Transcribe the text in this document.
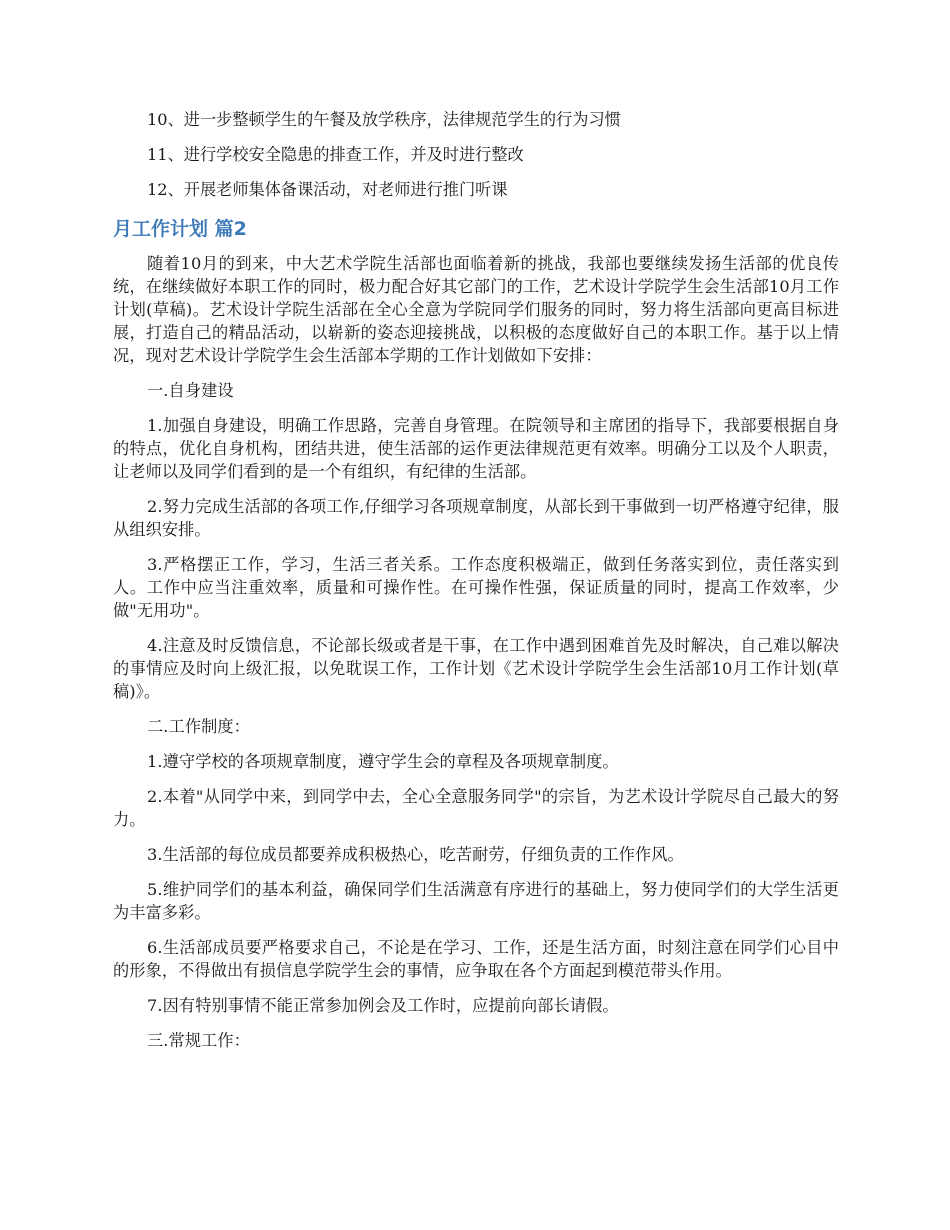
10、进一步整顿学生的午餐及放学秩序，法律规范学生的行为习惯
11、进行学校安全隐患的排查工作，并及时进行整改
12、开展老师集体备课活动，对老师进行推门听课
月工作计划 篇2
随着10月的到来，中大艺术学院生活部也面临着新的挑战，我部也要继续发扬生活部的优良传统，在继续做好本职工作的同时，极力配合好其它部门的工作，艺术设计学院学生会生活部10月工作计划(草稿)。艺术设计学院生活部在全心全意为学院同学们服务的同时，努力将生活部向更高目标进展，打造自己的精品活动，以崭新的姿态迎接挑战，以积极的态度做好自己的本职工作。基于以上情况，现对艺术设计学院学生会生活部本学期的工作计划做如下安排：
一.自身建设
1.加强自身建设，明确工作思路，完善自身管理。在院领导和主席团的指导下，我部要根据自身的特点，优化自身机构，团结共进，使生活部的运作更法律规范更有效率。明确分工以及个人职责，让老师以及同学们看到的是一个有组织，有纪律的生活部。
2.努力完成生活部的各项工作,仔细学习各项规章制度，从部长到干事做到一切严格遵守纪律，服从组织安排。
3.严格摆正工作，学习，生活三者关系。工作态度积极端正，做到任务落实到位，责任落实到人。工作中应当注重效率，质量和可操作性。在可操作性强，保证质量的同时，提高工作效率，少做"无用功"。
4.注意及时反馈信息，不论部长级或者是干事，在工作中遇到困难首先及时解决，自己难以解决的事情应及时向上级汇报，以免耽误工作，工作计划《艺术设计学院学生会生活部10月工作计划(草稿)》。
二.工作制度：
1.遵守学校的各项规章制度，遵守学生会的章程及各项规章制度。
2.本着"从同学中来，到同学中去，全心全意服务同学"的宗旨，为艺术设计学院尽自己最大的努力。
3.生活部的每位成员都要养成积极热心，吃苦耐劳，仔细负责的工作作风。
5.维护同学们的基本利益，确保同学们生活满意有序进行的基础上，努力使同学们的大学生活更为丰富多彩。
6.生活部成员要严格要求自己，不论是在学习、工作，还是生活方面，时刻注意在同学们心目中的形象，不得做出有损信息学院学生会的事情，应争取在各个方面起到模范带头作用。
7.因有特别事情不能正常参加例会及工作时，应提前向部长请假。
三.常规工作：
